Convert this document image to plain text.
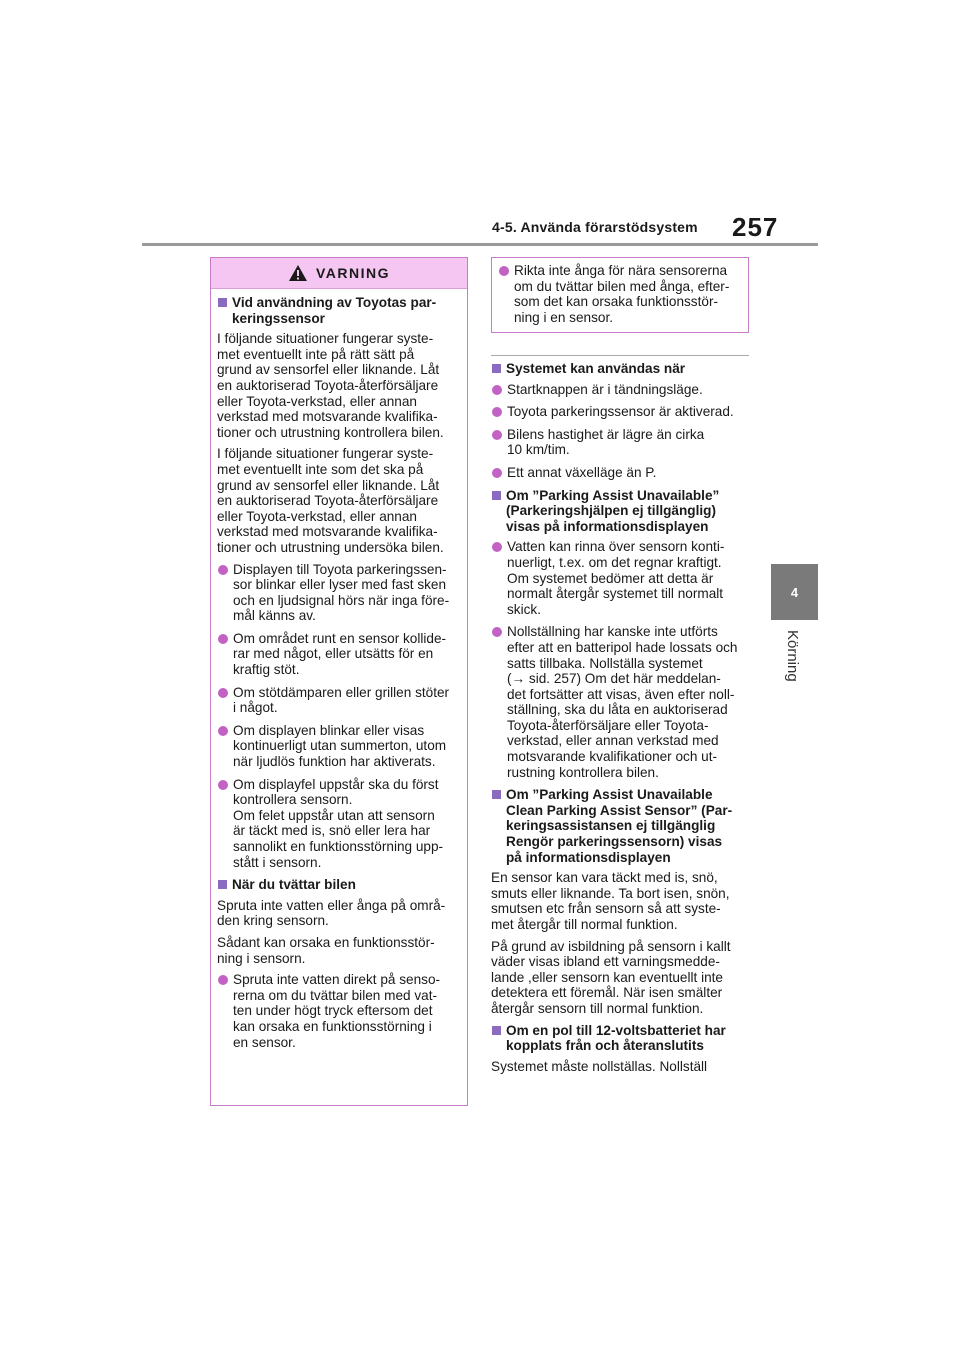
4-5. Använda förarstödsystem 257
4
Körning
VARNING
Vid användning av Toyotas par-
keringssensor
I följande situationer fungerar syste-
met eventuellt inte på rätt sätt på
grund av sensorfel eller liknande. Låt
en auktoriserad Toyota-återförsäljare
eller Toyota-verkstad, eller annan
verkstad med motsvarande kvalifika-
tioner och utrustning kontrollera bilen.
I följande situationer fungerar syste-
met eventuellt inte som det ska på
grund av sensorfel eller liknande. Låt
en auktoriserad Toyota-återförsäljare
eller Toyota-verkstad, eller annan
verkstad med motsvarande kvalifika-
tioner och utrustning undersöka bilen.
Displayen till Toyota parkeringssen-
sor blinkar eller lyser med fast sken
och en ljudsignal hörs när inga före-
mål känns av.
Om området runt en sensor kollide-
rar med något, eller utsätts för en
kraftig stöt.
Om stötdämparen eller grillen stöter
i något.
Om displayen blinkar eller visas
kontinuerligt utan summerton, utom
när ljudlös funktion har aktiverats.
Om displayfel uppstår ska du först
kontrollera sensorn.
Om felet uppstår utan att sensorn
är täckt med is, snö eller lera har
sannolikt en funktionsstörning upp-
stått i sensorn.
När du tvättar bilen
Spruta inte vatten eller ånga på områ-
den kring sensorn.
Sådant kan orsaka en funktionsstör-
ning i sensorn.
Spruta inte vatten direkt på senso-
rerna om du tvättar bilen med vat-
ten under högt tryck eftersom det
kan orsaka en funktionsstörning i
en sensor.
Rikta inte ånga för nära sensorerna
om du tvättar bilen med ånga, efter-
som det kan orsaka funktionsstör-
ning i en sensor.
Systemet kan användas när
Startknappen är i tändningsläge.
Toyota parkeringssensor är aktiverad.
Bilens hastighet är lägre än cirka
10 km/tim.
Ett annat växelläge än P.
Om ”Parking Assist Unavailable”
(Parkeringshjälpen ej tillgänglig)
visas på informationsdisplayen
Vatten kan rinna över sensorn konti-
nuerligt, t.ex. om det regnar kraftigt.
Om systemet bedömer att detta är
normalt återgår systemet till normalt
skick.
Nollställning har kanske inte utförts
efter att en batteripol hade lossats och
satts tillbaka. Nollställa systemet
(→ sid. 257) Om det här meddelan-
det fortsätter att visas, även efter noll-
ställning, ska du låta en auktoriserad
Toyota-återförsäljare eller Toyota-
verkstad, eller annan verkstad med
motsvarande kvalifikationer och ut-
rustning kontrollera bilen.
Om ”Parking Assist Unavailable
Clean Parking Assist Sensor” (Par-
keringsassistansen ej tillgänglig
Rengör parkeringssensorn) visas
på informationsdisplayen
En sensor kan vara täckt med is, snö,
smuts eller liknande. Ta bort isen, snön,
smutsen etc från sensorn så att syste-
met återgår till normal funktion.
På grund av isbildning på sensorn i kallt
väder visas ibland ett varningsmedde-
lande ,eller sensorn kan eventuellt inte
detektera ett föremål. När isen smälter
återgår sensorn till normal funktion.
Om en pol till 12-voltsbatteriet har
kopplats från och återanslutits
Systemet måste nollställas. Nollställ
